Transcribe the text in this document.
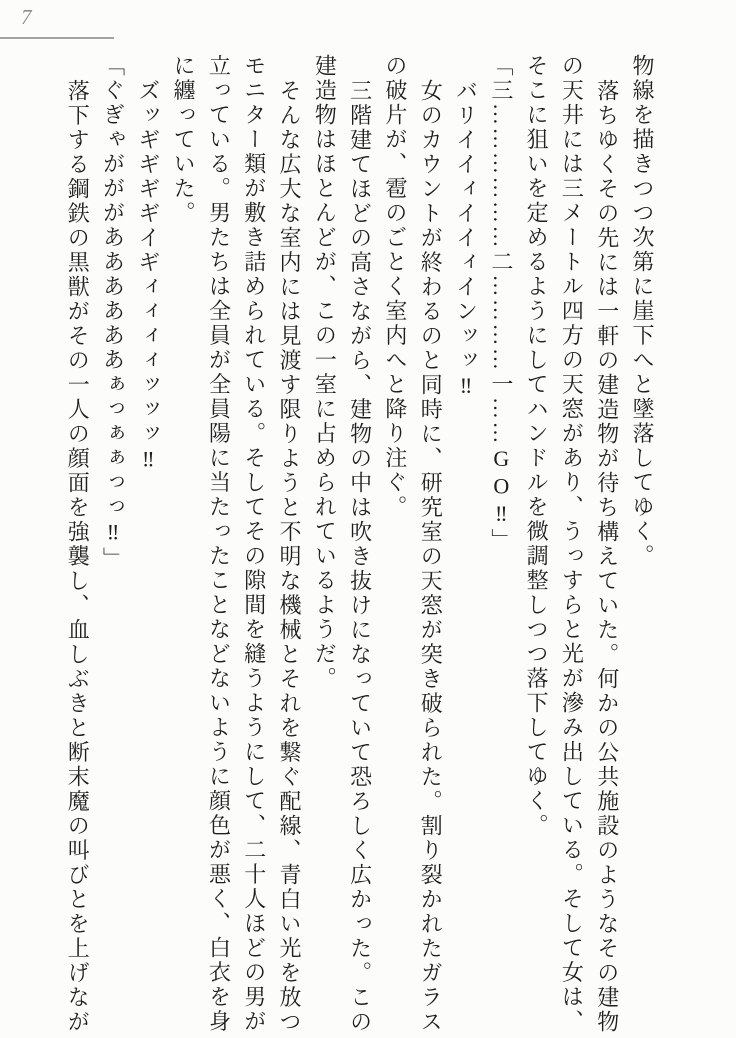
7

物線を描きつつ次第に崖下へと墜落してゆく。

落ちゆくその先には一軒の建造物が待ち構えていた。何かの公共施設のようなその建物

の天井には三メートル四方の天窓があり、うっすらと光が滲み出している。そして女は、

そこに狙いを定めるようにしてハンドルを微調整しつつ落下してゆく。

「三………………二…………一……GO‼」

バリイイィイイィインッッ‼

女のカウントが終わるのと同時に、研究室の天窓が突き破られた。割り裂かれたガラス

の破片が、雹のごとく室内へと降り注ぐ。

三階建てほどの高さながら、建物の中は吹き抜けになっていて恐ろしく広かった。この

建造物はほとんどが、この一室に占められているようだ。

そんな広大な室内には見渡す限りようと不明な機械とそれを繋ぐ配線、青白い光を放つ

モニター類が敷き詰められている。そしてその隙間を縫うようにして、二十人ほどの男が

立っている。男たちは全員が全員陽に当たったことなどないように顔色が悪く、白衣を身

に纏っていた。

ズッギギギギイギィィィィッッッ‼

「ぐぎゃがががああああああぁっぁぁっっ‼」

落下する鋼鉄の黒獣がその一人の顔面を強襲し、血しぶきと断末魔の叫びとを上げなが
